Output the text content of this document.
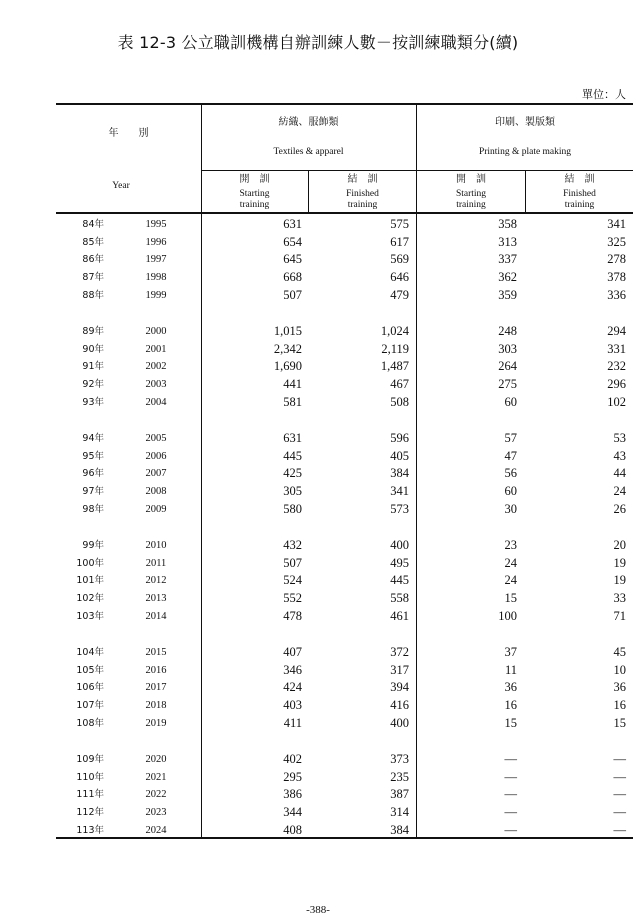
表 12-3 公立職訓機構自辦訓練人數－按訓練職類分(續)
單位：人
年　　別
Year
紡織、服飾類
Textiles & apparel
印刷、製版類
Printing & plate making
開　訓
Starting
training
結　訓
Finished
training
開　訓
Starting
training
結　訓
Finished
training
84年	1995	631	575	358	341
85年	1996	654	617	313	325
86年	1997	645	569	337	278
87年	1998	668	646	362	378
88年	1999	507	479	359	336
89年	2000	1,015	1,024	248	294
90年	2001	2,342	2,119	303	331
91年	2002	1,690	1,487	264	232
92年	2003	441	467	275	296
93年	2004	581	508	60	102
94年	2005	631	596	57	53
95年	2006	445	405	47	43
96年	2007	425	384	56	44
97年	2008	305	341	60	24
98年	2009	580	573	30	26
99年	2010	432	400	23	20
100年	2011	507	495	24	19
101年	2012	524	445	24	19
102年	2013	552	558	15	33
103年	2014	478	461	100	71
104年	2015	407	372	37	45
105年	2016	346	317	11	10
106年	2017	424	394	36	36
107年	2018	403	416	16	16
108年	2019	411	400	15	15
109年	2020	402	373	—	—
110年	2021	295	235	—	—
111年	2022	386	387	—	—
112年	2023	344	314	—	—
113年	2024	408	384	—	—
-388-
